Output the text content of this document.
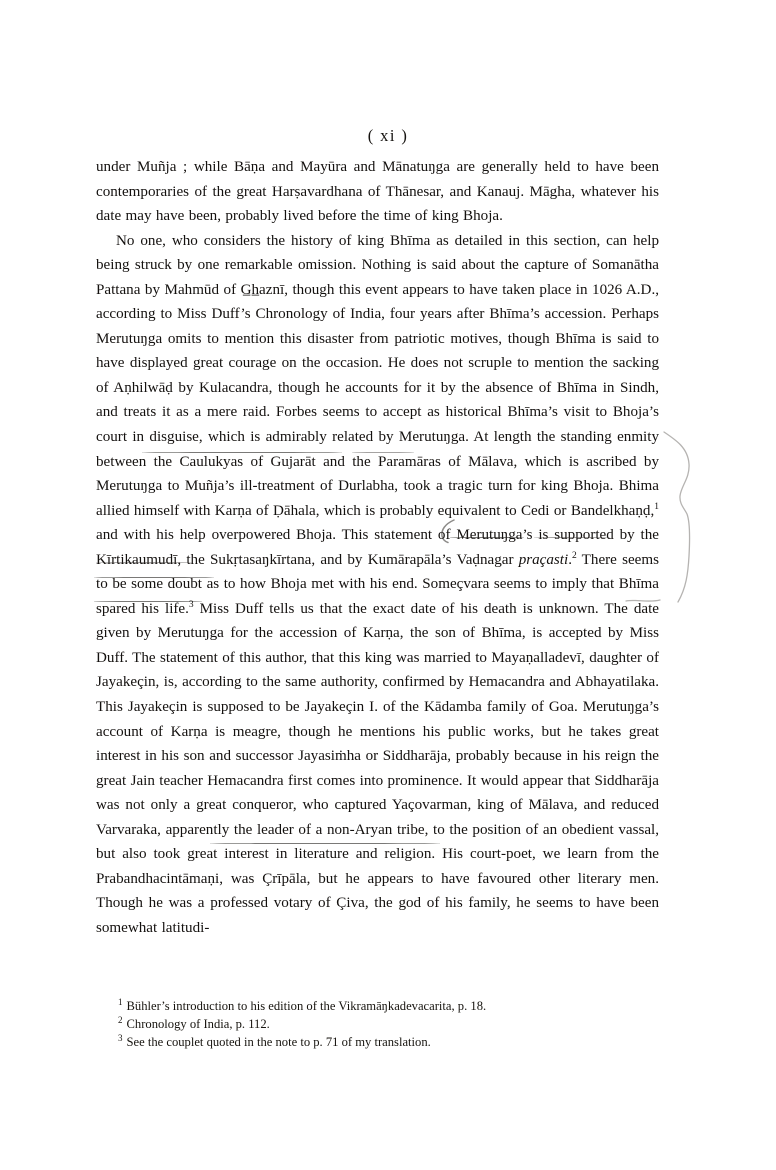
( xi )

under Muñja ; while Bāṇa and Mayūra and Mānatuŋga are generally held to have been contemporaries of the great Harṣavardhana of Thānesar, and Kanauj. Māgha, whatever his date may have been, probably lived before the time of king Bhoja.

No one, who considers the history of king Bhīma as detailed in this section, can help being struck by one remarkable omission. Nothing is said about the capture of Somanātha Pattana by Mahmūd of G̲h̲aznī, though this event appears to have taken place in 1026 A.D., according to Miss Duff’s Chronology of India, four years after Bhīma’s accession. Perhaps Merutuŋga omits to mention this disaster from patriotic motives, though Bhīma is said to have displayed great courage on the occasion. He does not scruple to mention the sacking of Aṇhilwāḍ by Kulacandra, though he accounts for it by the absence of Bhīma in Sindh, and treats it as a mere raid. Forbes seems to accept as historical Bhīma’s visit to Bhoja’s court in disguise, which is admirably related by Merutuŋga. At length the standing enmity between the Caulukyas of Gujarāt and the Paramāras of Mālava, which is ascribed by Merutuŋga to Muñja’s ill-treatment of Durlabha, took a tragic turn for king Bhoja. Bhima allied himself with Karṇa of Ḍāhala, which is probably equivalent to Cedi or Bandelkhaṇḍ,$^1$ and with his help overpowered Bhoja. This statement of Merutuŋga’s is supported by the Kīrtikaumudī, the Sukṛtasaŋkīrtana, and by Kumārapāla’s Vaḍnagar praçasti.$^2$ There seems to be some doubt as to how Bhoja met with his end. Someçvara seems to imply that Bhīma spared his life.$^3$ Miss Duff tells us that the exact date of his death is unknown. The date given by Merutuŋga for the accession of Karṇa, the son of Bhīma, is accepted by Miss Duff. The statement of this author, that this king was married to Mayaṇalladevī, daughter of Jayakeçin, is, according to the same authority, confirmed by Hemacandra and Abhayatilaka. This Jayakeçin is supposed to be Jayakeçin I. of the Kādamba family of Goa. Merutuŋga’s account of Karṇa is meagre, though he mentions his public works, but he takes great interest in his son and successor Jayasiṁha or Siddharāja, probably because in his reign the great Jain teacher Hemacandra first comes into prominence. It would appear that Siddharāja was not only a great conqueror, who captured Yaçovarman, king of Mālava, and reduced Varvaraka, apparently the leader of a non-Aryan tribe, to the position of an obedient vassal, but also took great interest in literature and religion. His court-poet, we learn from the Prabandhacintāmaṇi, was Çrīpāla, but he appears to have favoured other literary men. Though he was a professed votary of Çiva, the god of his family, he seems to have been somewhat latitudi-

$^1$ Bühler’s introduction to his edition of the Vikramāŋkadevacarita, p. 18.
$^2$ Chronology of India, p. 112.
$^3$ See the couplet quoted in the note to p. 71 of my translation.
